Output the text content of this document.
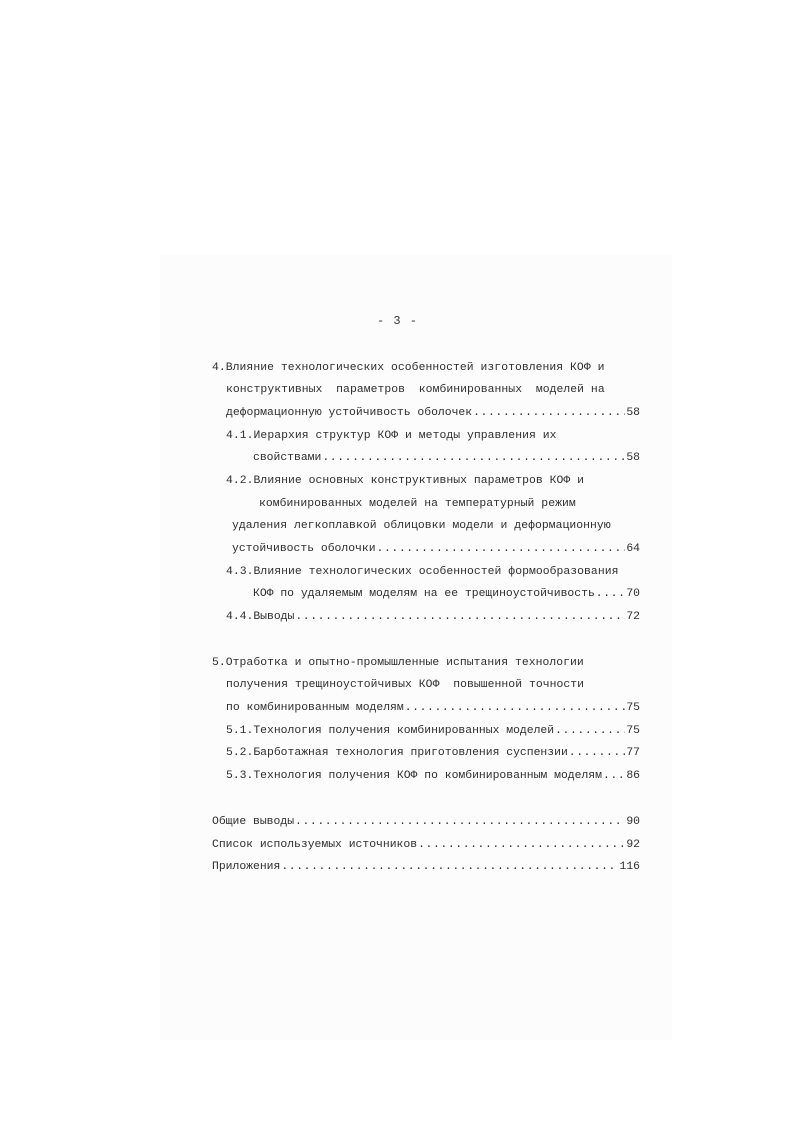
- 3 -
4.Влияние технологических особенностей изготовления КОФ и
конструктивных  параметров  комбинированных  моделей на
деформационную устойчивость оболочек .....	58
4.1.Иерархия структур КОФ и методы управления их
свойствами .....	58
4.2.Влияние основных конструктивных параметров КОФ и
комбинированных моделей на температурный режим
удаления легкоплавкой облицовки модели и деформационную
устойчивость оболочки .....	64
4.3.Влияние технологических особенностей формообразования
КОФ по удаляемым моделям на ее трещиноустойчивость .....	70
4.4.Выводы .....	72
5.Отработка и опытно-промышленные испытания технологии
получения трещиноустойчивых КОФ  повышенной точности
по комбинированным моделям .....	75
5.1.Технология получения комбинированных моделей .....	75
5.2.Барботажная технология приготовления суспензии .....	77
5.3.Технология получения КОФ по комбинированным моделям ..... 86
Общие выводы .....	90
Список используемых источников .....	92
Приложения .....	116
